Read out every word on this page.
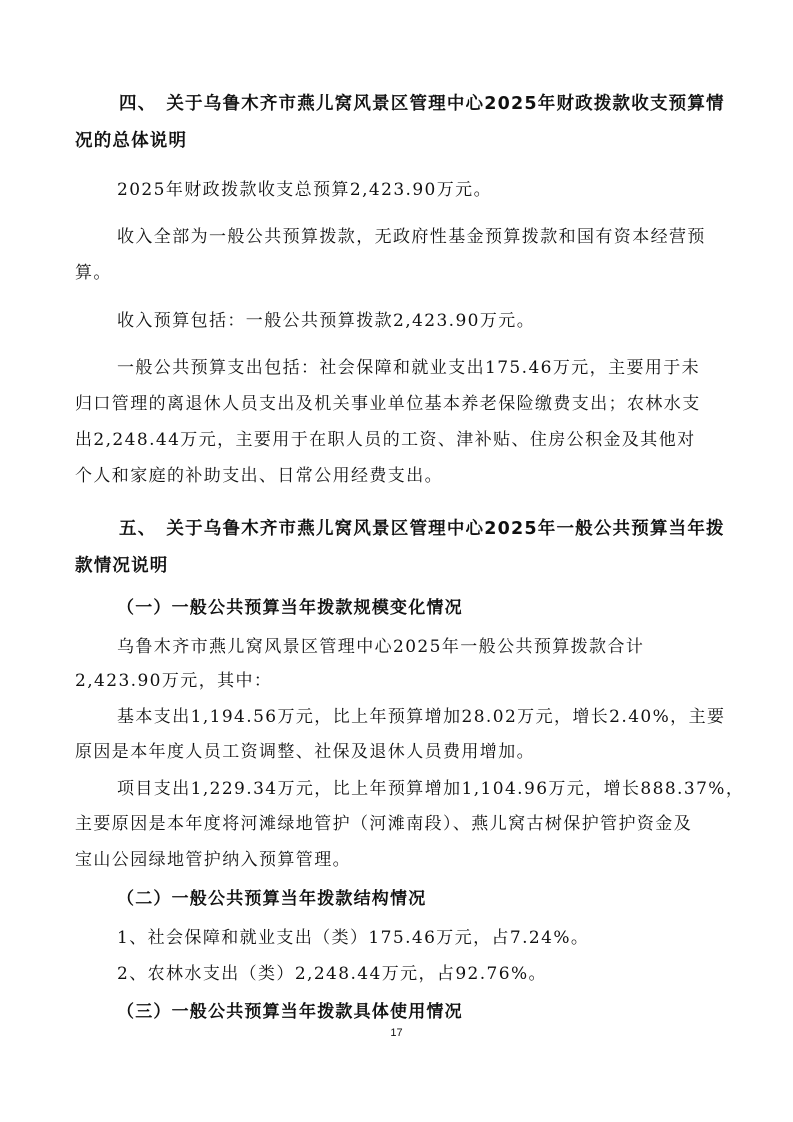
四、　关于乌鲁木齐市燕儿窝风景区管理中心2025年财政拨款收支预算情
况的总体说明
2025年财政拨款收支总预算2,423.90万元。
收入全部为一般公共预算拨款，无政府性基金预算拨款和国有资本经营预
算。
收入预算包括：一般公共预算拨款2,423.90万元。
一般公共预算支出包括：社会保障和就业支出175.46万元，主要用于未
归口管理的离退休人员支出及机关事业单位基本养老保险缴费支出；农林水支
出2,248.44万元，主要用于在职人员的工资、津补贴、住房公积金及其他对
个人和家庭的补助支出、日常公用经费支出。
五、　关于乌鲁木齐市燕儿窝风景区管理中心2025年一般公共预算当年拨
款情况说明
（一）一般公共预算当年拨款规模变化情况
乌鲁木齐市燕儿窝风景区管理中心2025年一般公共预算拨款合计
2,423.90万元，其中：
基本支出1,194.56万元，比上年预算增加28.02万元，增长2.40%，主要
原因是本年度人员工资调整、社保及退休人员费用增加。
项目支出1,229.34万元，比上年预算增加1,104.96万元，增长888.37%，
主要原因是本年度将河滩绿地管护（河滩南段）、燕儿窝古树保护管护资金及
宝山公园绿地管护纳入预算管理。
（二）一般公共预算当年拨款结构情况
1、社会保障和就业支出（类）175.46万元，占7.24%。
2、农林水支出（类）2,248.44万元，占92.76%。
（三）一般公共预算当年拨款具体使用情况
17
